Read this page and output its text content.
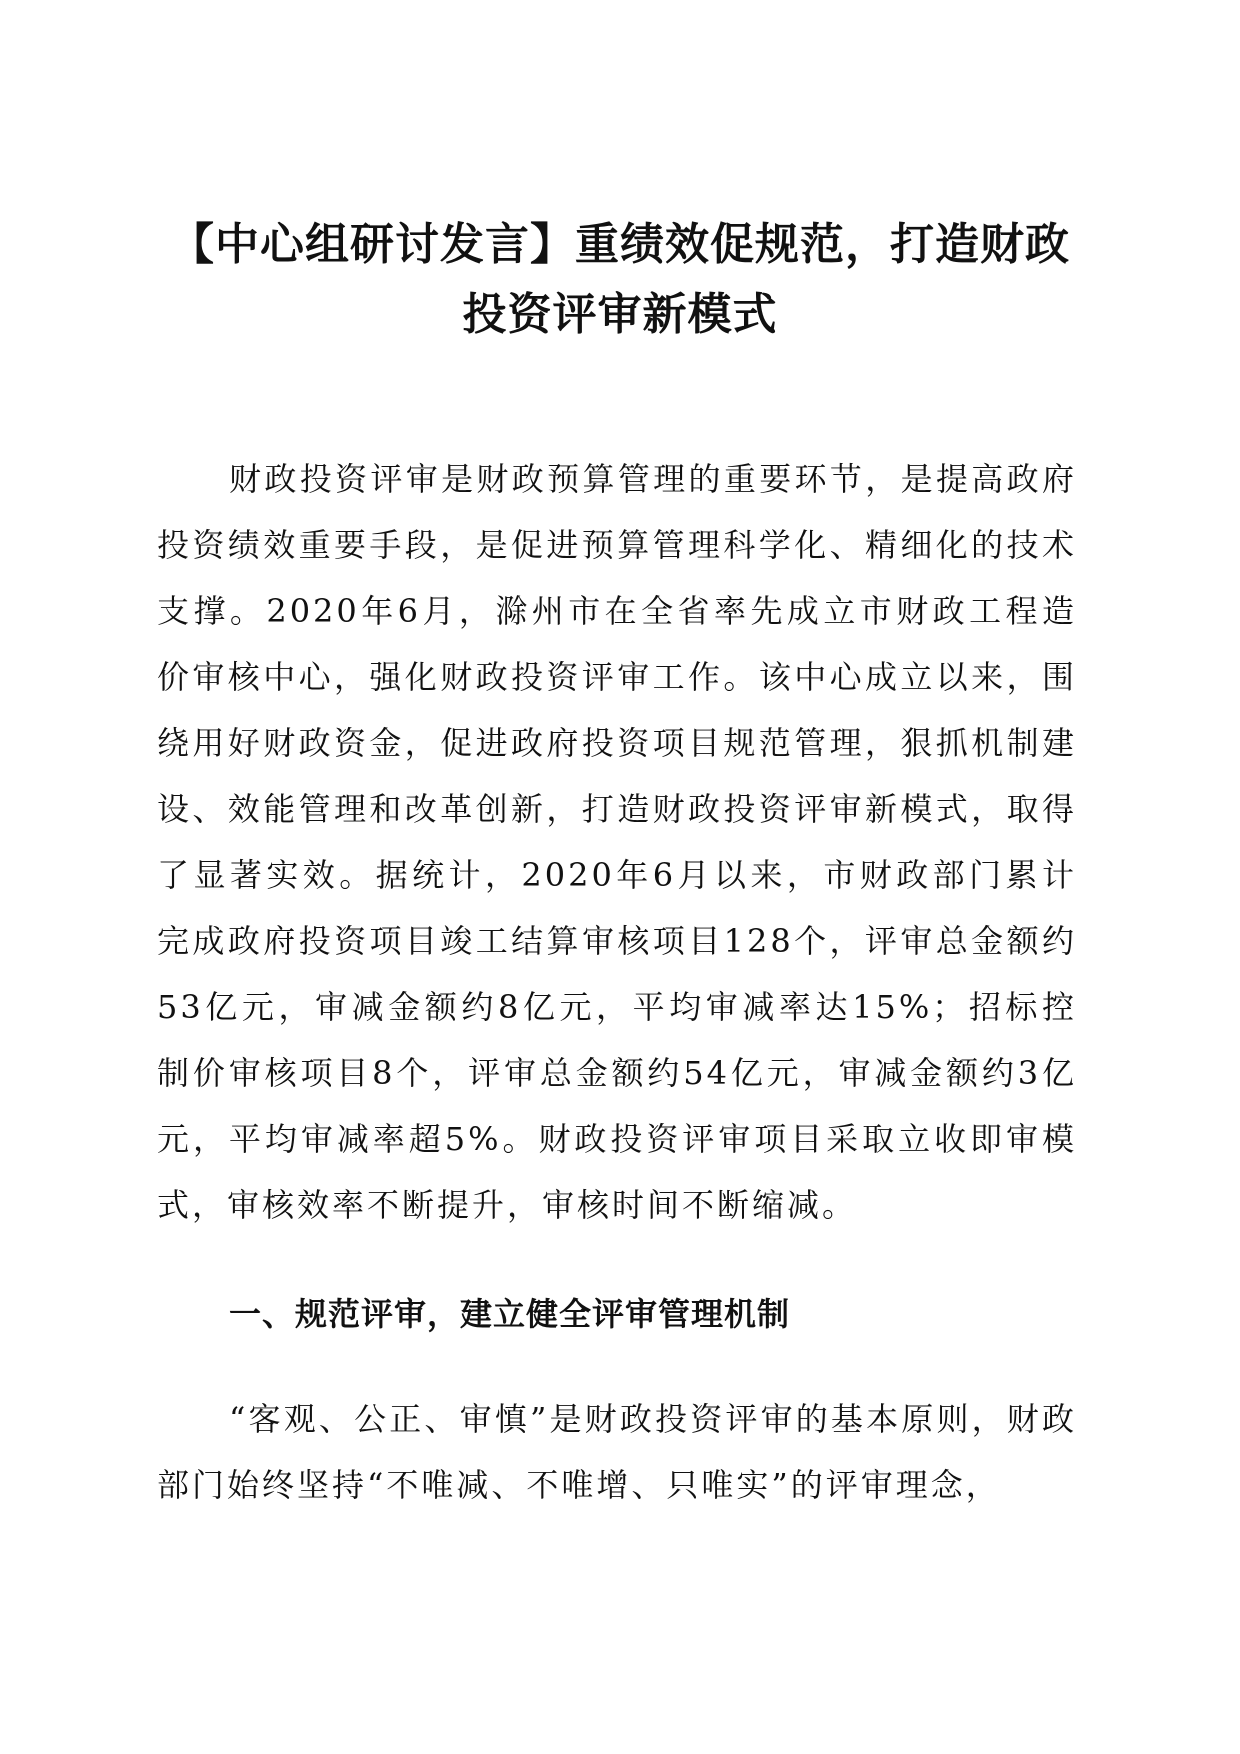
【中心组研讨发言】重绩效促规范，打造财政
投资评审新模式

财政投资评审是财政预算管理的重要环节，是提高政府投资绩效重要手段，是促进预算管理科学化、精细化的技术支撑。2020年6月，滁州市在全省率先成立市财政工程造价审核中心，强化财政投资评审工作。该中心成立以来，围绕用好财政资金，促进政府投资项目规范管理，狠抓机制建设、效能管理和改革创新，打造财政投资评审新模式，取得了显著实效。据统计，2020年6月以来，市财政部门累计完成政府投资项目竣工结算审核项目128个，评审总金额约53亿元，审减金额约8亿元，平均审减率达15%；招标控制价审核项目8个，评审总金额约54亿元，审减金额约3亿元，平均审减率超5%。财政投资评审项目采取立收即审模式，审核效率不断提升，审核时间不断缩减。

一、规范评审，建立健全评审管理机制

“客观、公正、审慎”是财政投资评审的基本原则，财政部门始终坚持“不唯减、不唯增、只唯实”的评审理念，
